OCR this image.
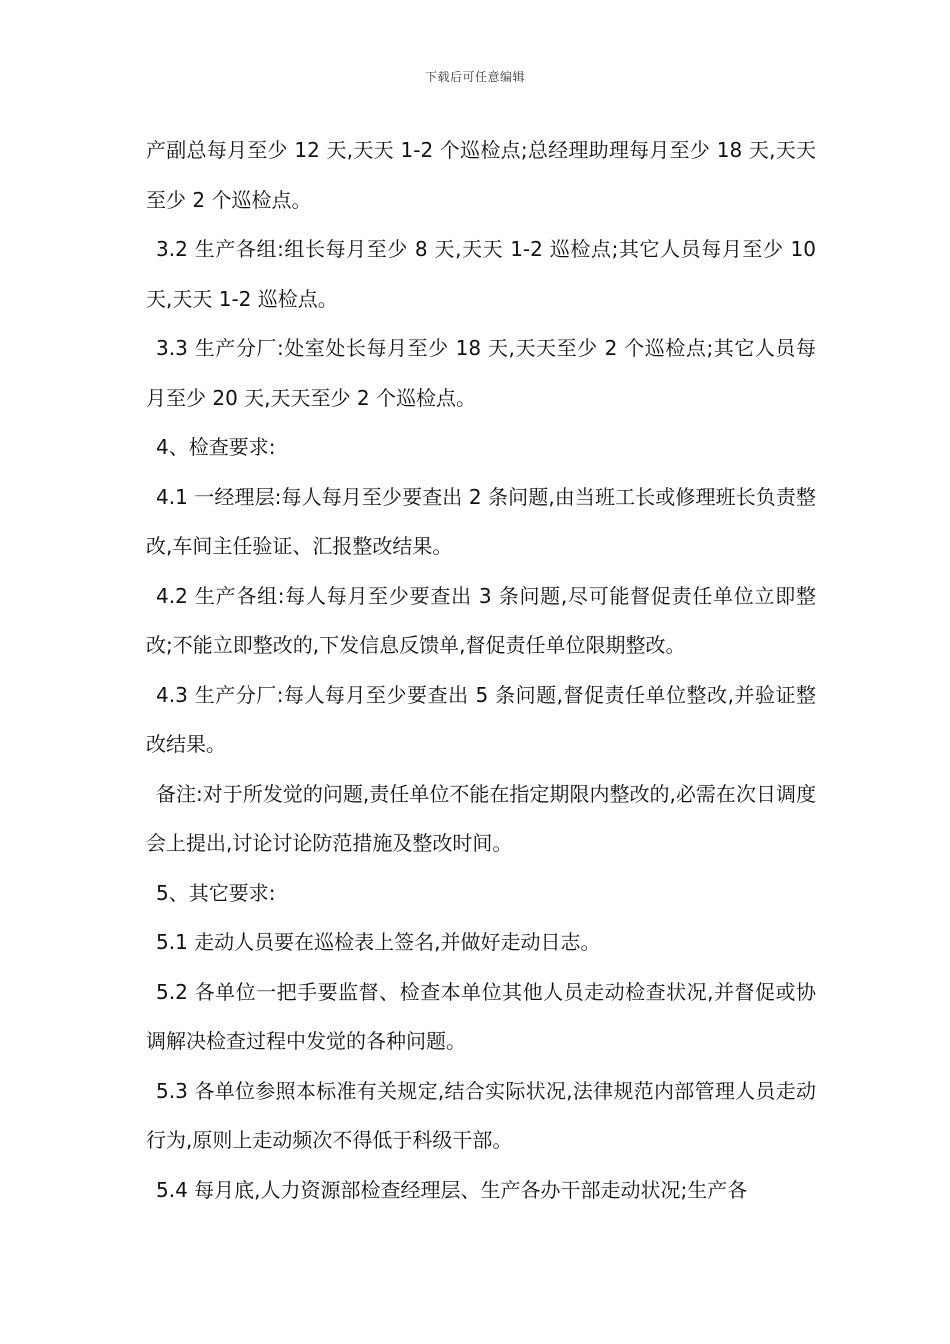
下载后可任意编辑

产副总每月至少 12 天,天天 1-2 个巡检点;总经理助理每月至少 18 天,天天至少 2 个巡检点。

3.2 生产各组:组长每月至少 8 天,天天 1-2 巡检点;其它人员每月至少 10 天,天天 1-2 巡检点。

3.3 生产分厂:处室处长每月至少 18 天,天天至少 2 个巡检点;其它人员每月至少 20 天,天天至少 2 个巡检点。

4、检查要求:

4.1 一经理层:每人每月至少要查出 2 条问题,由当班工长或修理班长负责整改,车间主任验证、汇报整改结果。

4.2 生产各组:每人每月至少要查出 3 条问题,尽可能督促责任单位立即整改;不能立即整改的,下发信息反馈单,督促责任单位限期整改。

4.3 生产分厂:每人每月至少要查出 5 条问题,督促责任单位整改,并验证整改结果。

备注:对于所发觉的问题,责任单位不能在指定期限内整改的,必需在次日调度会上提出,讨论讨论防范措施及整改时间。

5、其它要求:

5.1 走动人员要在巡检表上签名,并做好走动日志。

5.2 各单位一把手要监督、检查本单位其他人员走动检查状况,并督促或协调解决检查过程中发觉的各种问题。

5.3 各单位参照本标准有关规定,结合实际状况,法律规范内部管理人员走动行为,原则上走动频次不得低于科级干部。

5.4 每月底,人力资源部检查经理层、生产各办干部走动状况;生产各
